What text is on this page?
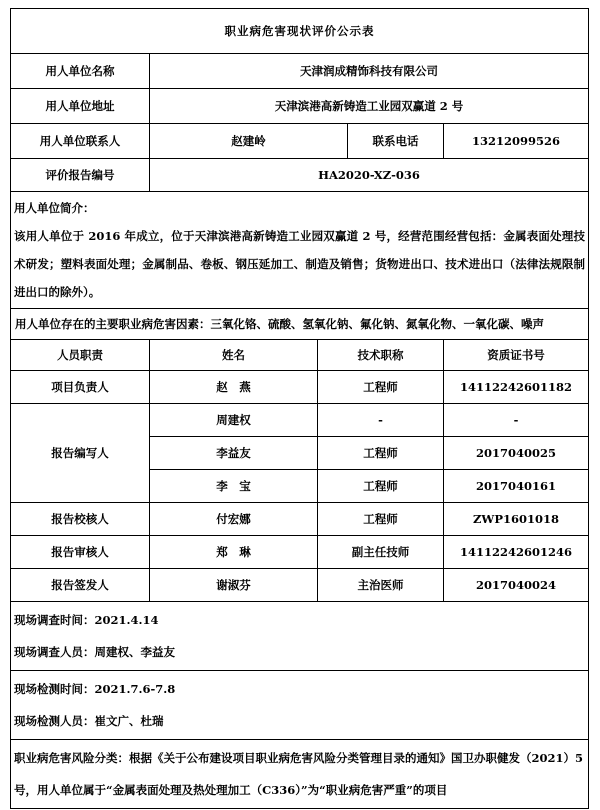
职业病危害现状评价公示表				
用人单位名称	天津润成精饰科技有限公司			
用人单位地址	天津滨港高新铸造工业园双赢道 2 号			
用人单位联系人	赵建岭		联系电话	13212099526
评价报告编号	HA2020-XZ-036			

用人单位简介：
该用人单位于 2016 年成立，位于天津滨港高新铸造工业园双赢道 2 号，经营范围经营包括：金属表面处理技术研发；塑料表面处理；金属制品、卷板、钢压延加工、制造及销售；货物进出口、技术进出口（法律法规限制进出口的除外）。				

用人单位存在的主要职业病危害因素：三氧化铬、硫酸、氢氧化钠、氟化钠、氮氧化物、一氧化碳、噪声				
人员职责	姓名	技术职称		资质证书号
项目负责人	赵　燕	工程师		14112242601182
报告编写人	周建权	-		-
	李益友	工程师		2017040025
	李　宝	工程师		2017040161
报告校核人	付宏娜	工程师		ZWP1601018
报告审核人	郑　琳	副主任技师		14112242601246
报告签发人	谢淑芬	主治医师		2017040024

现场调查时间：2021.4.14
现场调查人员：周建权、李益友				

现场检测时间：2021.7.6-7.8
现场检测人员：崔文广、杜瑞				

职业病危害风险分类：根据《关于公布建设项目职业病危害风险分类管理目录的通知》国卫办职健发（2021）5 号，用人单位属于“金属表面处理及热处理加工（C336）”为“职业病危害严重”的项目				
